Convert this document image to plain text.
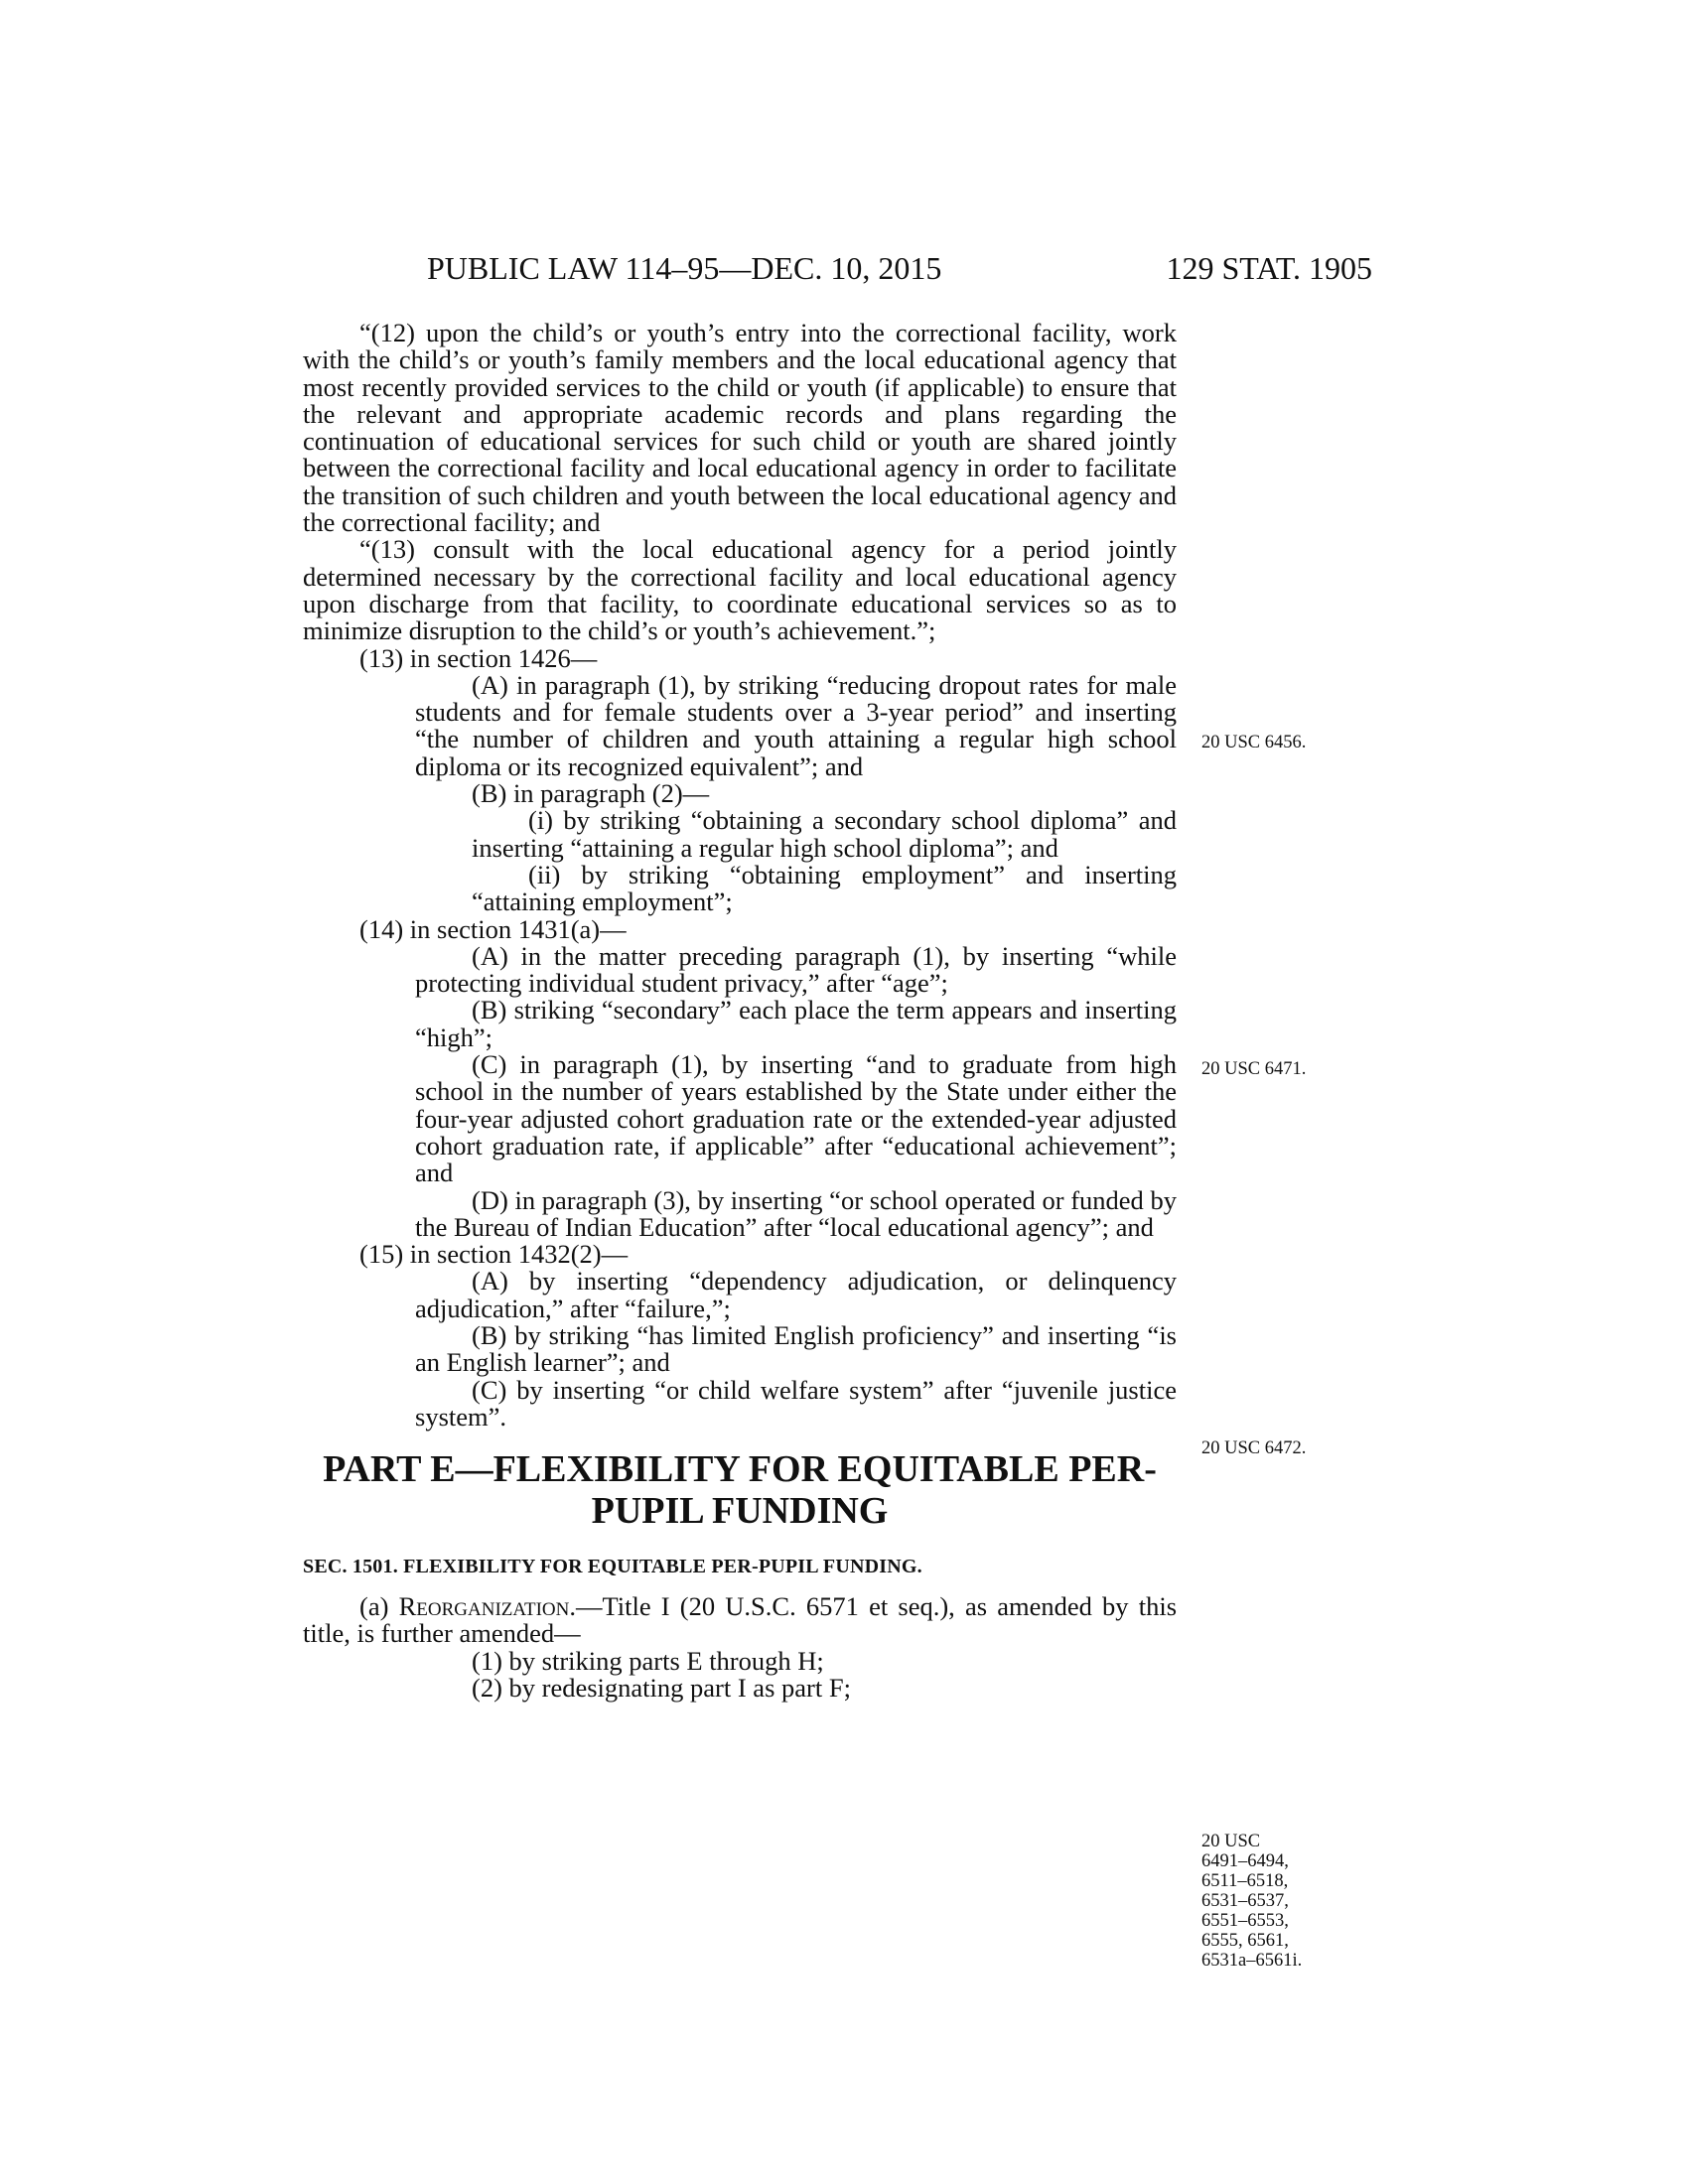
PUBLIC LAW 114–95—DEC. 10, 2015	129 STAT. 1905

“(12) upon the child’s or youth’s entry into the correctional facility, work with the child’s or youth’s family members and the local educational agency that most recently provided services to the child or youth (if applicable) to ensure that the relevant and appropriate academic records and plans regarding the continuation of educational services for such child or youth are shared jointly between the correctional facility and local educational agency in order to facilitate the transition of such children and youth between the local educational agency and the correctional facility; and

“(13) consult with the local educational agency for a period jointly determined necessary by the correctional facility and local educational agency upon discharge from that facility, to coordinate educational services so as to minimize disruption to the child’s or youth’s achievement.”;

(13) in section 1426—

(A) in paragraph (1), by striking “reducing dropout rates for male students and for female students over a 3-year period” and inserting “the number of children and youth attaining a regular high school diploma or its recognized equivalent”; and

(B) in paragraph (2)—

(i) by striking “obtaining a secondary school diploma” and inserting “attaining a regular high school diploma”; and

(ii) by striking “obtaining employment” and inserting “attaining employment”;

(14) in section 1431(a)—

(A) in the matter preceding paragraph (1), by inserting “while protecting individual student privacy,” after “age”;

(B) striking “secondary” each place the term appears and inserting “high”;

(C) in paragraph (1), by inserting “and to graduate from high school in the number of years established by the State under either the four-year adjusted cohort graduation rate or the extended-year adjusted cohort graduation rate, if applicable” after “educational achievement”; and

(D) in paragraph (3), by inserting “or school operated or funded by the Bureau of Indian Education” after “local educational agency”; and

(15) in section 1432(2)—

(A) by inserting “dependency adjudication, or delinquency adjudication,” after “failure,”;

(B) by striking “has limited English proficiency” and inserting “is an English learner”; and

(C) by inserting “or child welfare system” after “juvenile justice system”.

PART E—FLEXIBILITY FOR EQUITABLE PER-
PUPIL FUNDING
SEC. 1501. FLEXIBILITY FOR EQUITABLE PER-PUPIL FUNDING.

(a) Reorganization.—Title I (20 U.S.C. 6571 et seq.), as amended by this title, is further amended—

(1) by striking parts E through H;

(2) by redesignating part I as part F;

20 USC 6456.
20 USC 6471.
20 USC 6472.
20 USC
6491–6494,
6511–6518,
6531–6537,
6551–6553,
6555, 6561,
6531a–6561i.
